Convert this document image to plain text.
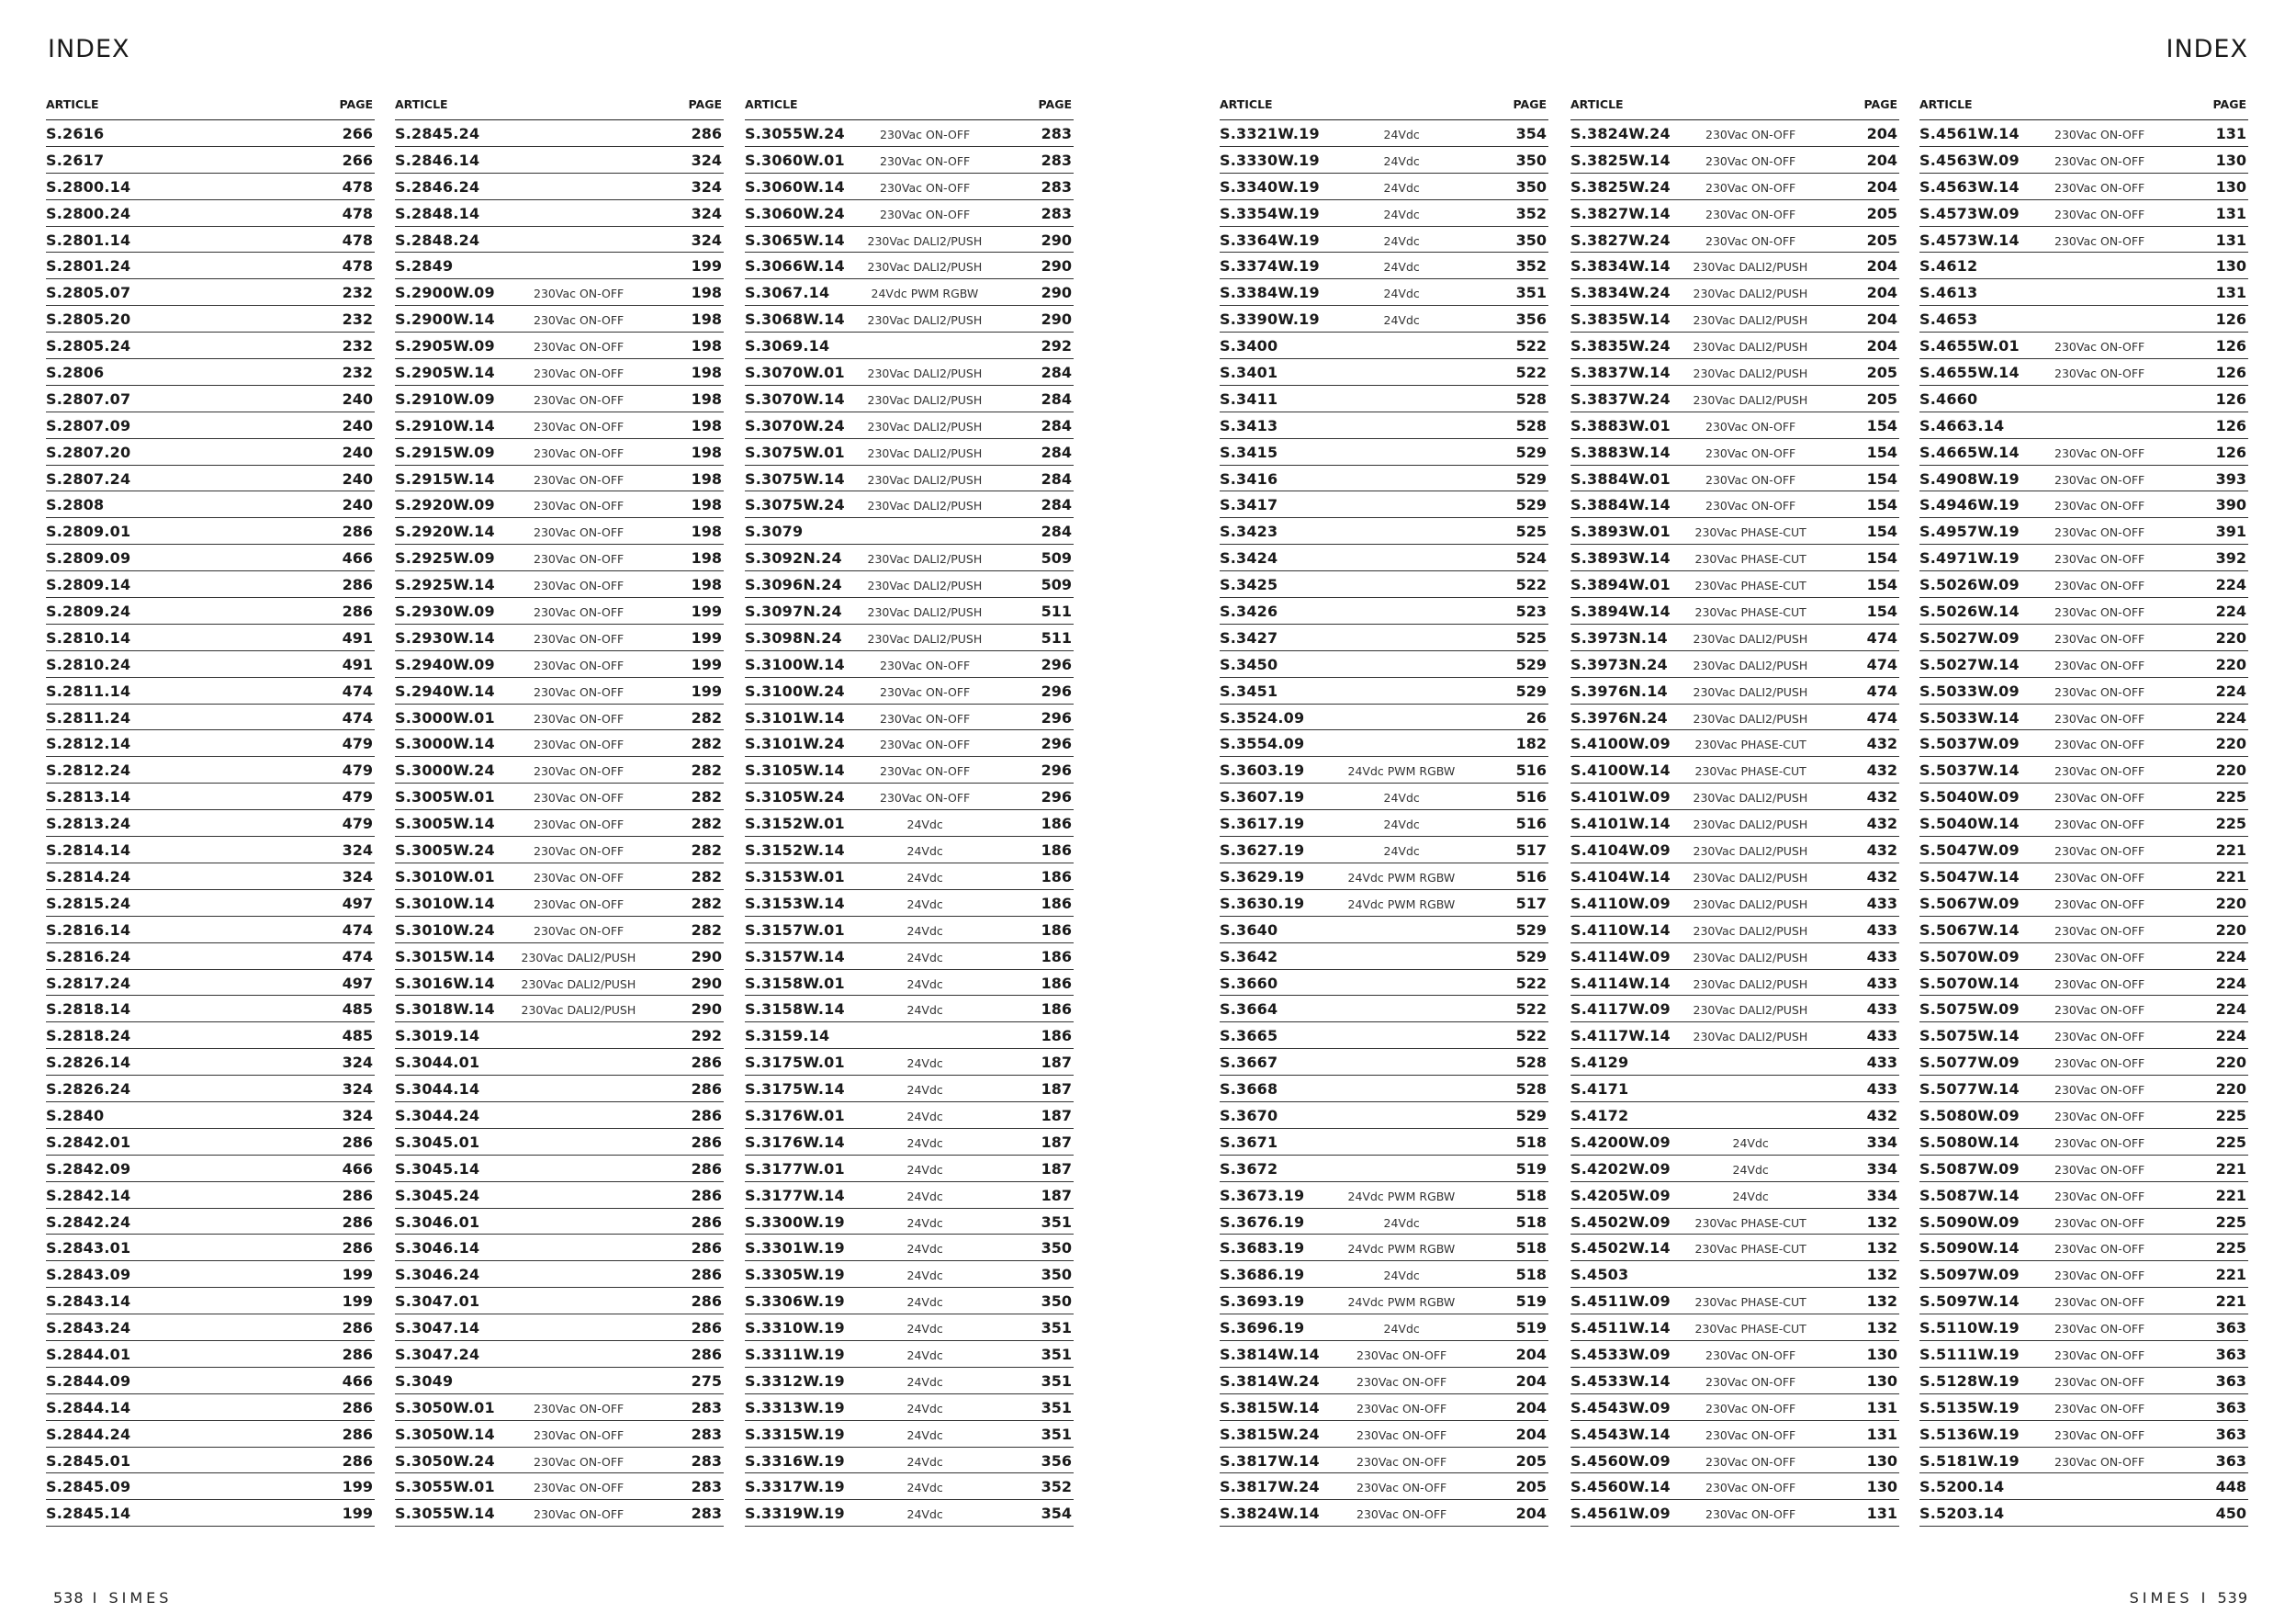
INDEX	INDEX
ARTICLE	PAGE
S.2616	266
S.2617	266
S.2800.14	478
S.2800.24	478
S.2801.14	478
S.2801.24	478
S.2805.07	232
S.2805.20	232
S.2805.24	232
S.2806	232
S.2807.07	240
S.2807.09	240
S.2807.20	240
S.2807.24	240
S.2808	240
S.2809.01	286
S.2809.09	466
S.2809.14	286
S.2809.24	286
S.2810.14	491
S.2810.24	491
S.2811.14	474
S.2811.24	474
S.2812.14	479
S.2812.24	479
S.2813.14	479
S.2813.24	479
S.2814.14	324
S.2814.24	324
S.2815.24	497
S.2816.14	474
S.2816.24	474
S.2817.24	497
S.2818.14	485
S.2818.24	485
S.2826.14	324
S.2826.24	324
S.2840	324
S.2842.01	286
S.2842.09	466
S.2842.14	286
S.2842.24	286
S.2843.01	286
S.2843.09	199
S.2843.14	199
S.2843.24	286
S.2844.01	286
S.2844.09	466
S.2844.14	286
S.2844.24	286
S.2845.01	286
S.2845.09	199
S.2845.14	199
ARTICLE	PAGE
S.2845.24	286
S.2846.14	324
S.2846.24	324
S.2848.14	324
S.2848.24	324
S.2849	199
S.2900W.09	230Vac ON-OFF	198
S.2900W.14	230Vac ON-OFF	198
S.2905W.09	230Vac ON-OFF	198
S.2905W.14	230Vac ON-OFF	198
S.2910W.09	230Vac ON-OFF	198
S.2910W.14	230Vac ON-OFF	198
S.2915W.09	230Vac ON-OFF	198
S.2915W.14	230Vac ON-OFF	198
S.2920W.09	230Vac ON-OFF	198
S.2920W.14	230Vac ON-OFF	198
S.2925W.09	230Vac ON-OFF	198
S.2925W.14	230Vac ON-OFF	198
S.2930W.09	230Vac ON-OFF	199
S.2930W.14	230Vac ON-OFF	199
S.2940W.09	230Vac ON-OFF	199
S.2940W.14	230Vac ON-OFF	199
S.3000W.01	230Vac ON-OFF	282
S.3000W.14	230Vac ON-OFF	282
S.3000W.24	230Vac ON-OFF	282
S.3005W.01	230Vac ON-OFF	282
S.3005W.14	230Vac ON-OFF	282
S.3005W.24	230Vac ON-OFF	282
S.3010W.01	230Vac ON-OFF	282
S.3010W.14	230Vac ON-OFF	282
S.3010W.24	230Vac ON-OFF	282
S.3015W.14 230Vac DALI2/PUSH	290
S.3016W.14 230Vac DALI2/PUSH	290
S.3018W.14 230Vac DALI2/PUSH	290
S.3019.14	292
S.3044.01	286
S.3044.14	286
S.3044.24	286
S.3045.01	286
S.3045.14	286
S.3045.24	286
S.3046.01	286
S.3046.14	286
S.3046.24	286
S.3047.01	286
S.3047.14	286
S.3047.24	286
S.3049	275
S.3050W.01	230Vac ON-OFF	283
S.3050W.14	230Vac ON-OFF	283
S.3050W.24	230Vac ON-OFF	283
S.3055W.01	230Vac ON-OFF	283
S.3055W.14	230Vac ON-OFF	283
ARTICLE	PAGE
S.3055W.24	230Vac ON-OFF	283
S.3060W.01	230Vac ON-OFF	283
S.3060W.14	230Vac ON-OFF	283
S.3060W.24	230Vac ON-OFF	283
S.3065W.14 230Vac DALI2/PUSH	290
S.3066W.14 230Vac DALI2/PUSH	290
S.3067.14	24Vdc PWM RGBW	290
S.3068W.14 230Vac DALI2/PUSH	290
S.3069.14	292
S.3070W.01 230Vac DALI2/PUSH	284
S.3070W.14 230Vac DALI2/PUSH	284
S.3070W.24 230Vac DALI2/PUSH	284
S.3075W.01 230Vac DALI2/PUSH	284
S.3075W.14 230Vac DALI2/PUSH	284
S.3075W.24 230Vac DALI2/PUSH	284
S.3079	284
S.3092N.24 230Vac DALI2/PUSH	509
S.3096N.24 230Vac DALI2/PUSH	509
S.3097N.24 230Vac DALI2/PUSH	511
S.3098N.24 230Vac DALI2/PUSH	511
S.3100W.14	230Vac ON-OFF	296
S.3100W.24	230Vac ON-OFF	296
S.3101W.14	230Vac ON-OFF	296
S.3101W.24	230Vac ON-OFF	296
S.3105W.14	230Vac ON-OFF	296
S.3105W.24	230Vac ON-OFF	296
S.3152W.01	24Vdc	186
S.3152W.14	24Vdc	186
S.3153W.01	24Vdc	186
S.3153W.14	24Vdc	186
S.3157W.01	24Vdc	186
S.3157W.14	24Vdc	186
S.3158W.01	24Vdc	186
S.3158W.14	24Vdc	186
S.3159.14	186
S.3175W.01	24Vdc	187
S.3175W.14	24Vdc	187
S.3176W.01	24Vdc	187
S.3176W.14	24Vdc	187
S.3177W.01	24Vdc	187
S.3177W.14	24Vdc	187
S.3300W.19	24Vdc	351
S.3301W.19	24Vdc	350
S.3305W.19	24Vdc	350
S.3306W.19	24Vdc	350
S.3310W.19	24Vdc	351
S.3311W.19	24Vdc	351
S.3312W.19	24Vdc	351
S.3313W.19	24Vdc	351
S.3315W.19	24Vdc	351
S.3316W.19	24Vdc	356
S.3317W.19	24Vdc	352
S.3319W.19	24Vdc	354
ARTICLE	PAGE
S.3321W.19	24Vdc	354
S.3330W.19	24Vdc	350
S.3340W.19	24Vdc	350
S.3354W.19	24Vdc	352
S.3364W.19	24Vdc	350
S.3374W.19	24Vdc	352
S.3384W.19	24Vdc	351
S.3390W.19	24Vdc	356
S.3400	522
S.3401	522
S.3411	528
S.3413	528
S.3415	529
S.3416	529
S.3417	529
S.3423	525
S.3424	524
S.3425	522
S.3426	523
S.3427	525
S.3450	529
S.3451	529
S.3524.09	26
S.3554.09	182
S.3603.19	24Vdc PWM RGBW	516
S.3607.19	24Vdc	516
S.3617.19	24Vdc	516
S.3627.19	24Vdc	517
S.3629.19	24Vdc PWM RGBW	516
S.3630.19	24Vdc PWM RGBW	517
S.3640	529
S.3642	529
S.3660	522
S.3664	522
S.3665	522
S.3667	528
S.3668	528
S.3670	529
S.3671	518
S.3672	519
S.3673.19	24Vdc PWM RGBW	518
S.3676.19	24Vdc	518
S.3683.19	24Vdc PWM RGBW	518
S.3686.19	24Vdc	518
S.3693.19	24Vdc PWM RGBW	519
S.3696.19	24Vdc	519
S.3814W.14	230Vac ON-OFF	204
S.3814W.24	230Vac ON-OFF	204
S.3815W.14	230Vac ON-OFF	204
S.3815W.24	230Vac ON-OFF	204
S.3817W.14	230Vac ON-OFF	205
S.3817W.24	230Vac ON-OFF	205
S.3824W.14	230Vac ON-OFF	204
ARTICLE	PAGE
S.3824W.24	230Vac ON-OFF	204
S.3825W.14	230Vac ON-OFF	204
S.3825W.24	230Vac ON-OFF	204
S.3827W.14	230Vac ON-OFF	205
S.3827W.24	230Vac ON-OFF	205
S.3834W.14 230Vac DALI2/PUSH	204
S.3834W.24 230Vac DALI2/PUSH	204
S.3835W.14 230Vac DALI2/PUSH	204
S.3835W.24 230Vac DALI2/PUSH	204
S.3837W.14 230Vac DALI2/PUSH	205
S.3837W.24 230Vac DALI2/PUSH	205
S.3883W.01	230Vac ON-OFF	154
S.3883W.14	230Vac ON-OFF	154
S.3884W.01	230Vac ON-OFF	154
S.3884W.14	230Vac ON-OFF	154
S.3893W.01 230Vac PHASE-CUT	154
S.3893W.14 230Vac PHASE-CUT	154
S.3894W.01 230Vac PHASE-CUT	154
S.3894W.14 230Vac PHASE-CUT	154
S.3973N.14 230Vac DALI2/PUSH	474
S.3973N.24 230Vac DALI2/PUSH	474
S.3976N.14 230Vac DALI2/PUSH	474
S.3976N.24 230Vac DALI2/PUSH	474
S.4100W.09 230Vac PHASE-CUT	432
S.4100W.14 230Vac PHASE-CUT	432
S.4101W.09 230Vac DALI2/PUSH	432
S.4101W.14 230Vac DALI2/PUSH	432
S.4104W.09 230Vac DALI2/PUSH	432
S.4104W.14 230Vac DALI2/PUSH	432
S.4110W.09 230Vac DALI2/PUSH	433
S.4110W.14 230Vac DALI2/PUSH	433
S.4114W.09 230Vac DALI2/PUSH	433
S.4114W.14 230Vac DALI2/PUSH	433
S.4117W.09 230Vac DALI2/PUSH	433
S.4117W.14 230Vac DALI2/PUSH	433
S.4129	433
S.4171	433
S.4172	432
S.4200W.09	24Vdc	334
S.4202W.09	24Vdc	334
S.4205W.09	24Vdc	334
S.4502W.09 230Vac PHASE-CUT	132
S.4502W.14 230Vac PHASE-CUT	132
S.4503	132
S.4511W.09 230Vac PHASE-CUT	132
S.4511W.14 230Vac PHASE-CUT	132
S.4533W.09	230Vac ON-OFF	130
S.4533W.14	230Vac ON-OFF	130
S.4543W.09	230Vac ON-OFF	131
S.4543W.14	230Vac ON-OFF	131
S.4560W.09	230Vac ON-OFF	130
S.4560W.14	230Vac ON-OFF	130
S.4561W.09	230Vac ON-OFF	131
ARTICLE	PAGE
S.4561W.14	230Vac ON-OFF	131
S.4563W.09	230Vac ON-OFF	130
S.4563W.14	230Vac ON-OFF	130
S.4573W.09	230Vac ON-OFF	131
S.4573W.14	230Vac ON-OFF	131
S.4612	130
S.4613	131
S.4653	126
S.4655W.01	230Vac ON-OFF	126
S.4655W.14	230Vac ON-OFF	126
S.4660	126
S.4663.14	126
S.4665W.14	230Vac ON-OFF	126
S.4908W.19	230Vac ON-OFF	393
S.4946W.19	230Vac ON-OFF	390
S.4957W.19	230Vac ON-OFF	391
S.4971W.19	230Vac ON-OFF	392
S.5026W.09	230Vac ON-OFF	224
S.5026W.14	230Vac ON-OFF	224
S.5027W.09	230Vac ON-OFF	220
S.5027W.14	230Vac ON-OFF	220
S.5033W.09	230Vac ON-OFF	224
S.5033W.14	230Vac ON-OFF	224
S.5037W.09	230Vac ON-OFF	220
S.5037W.14	230Vac ON-OFF	220
S.5040W.09	230Vac ON-OFF	225
S.5040W.14	230Vac ON-OFF	225
S.5047W.09	230Vac ON-OFF	221
S.5047W.14	230Vac ON-OFF	221
S.5067W.09	230Vac ON-OFF	220
S.5067W.14	230Vac ON-OFF	220
S.5070W.09	230Vac ON-OFF	224
S.5070W.14	230Vac ON-OFF	224
S.5075W.09	230Vac ON-OFF	224
S.5075W.14	230Vac ON-OFF	224
S.5077W.09	230Vac ON-OFF	220
S.5077W.14	230Vac ON-OFF	220
S.5080W.09	230Vac ON-OFF	225
S.5080W.14	230Vac ON-OFF	225
S.5087W.09	230Vac ON-OFF	221
S.5087W.14	230Vac ON-OFF	221
S.5090W.09	230Vac ON-OFF	225
S.5090W.14	230Vac ON-OFF	225
S.5097W.09	230Vac ON-OFF	221
S.5097W.14	230Vac ON-OFF	221
S.5110W.19	230Vac ON-OFF	363
S.5111W.19	230Vac ON-OFF	363
S.5128W.19	230Vac ON-OFF	363
S.5135W.19	230Vac ON-OFF	363
S.5136W.19	230Vac ON-OFF	363
S.5181W.19	230Vac ON-OFF	363
S.5200.14	448
S.5203.14	450
538 I SIMES	SIMES I 539
